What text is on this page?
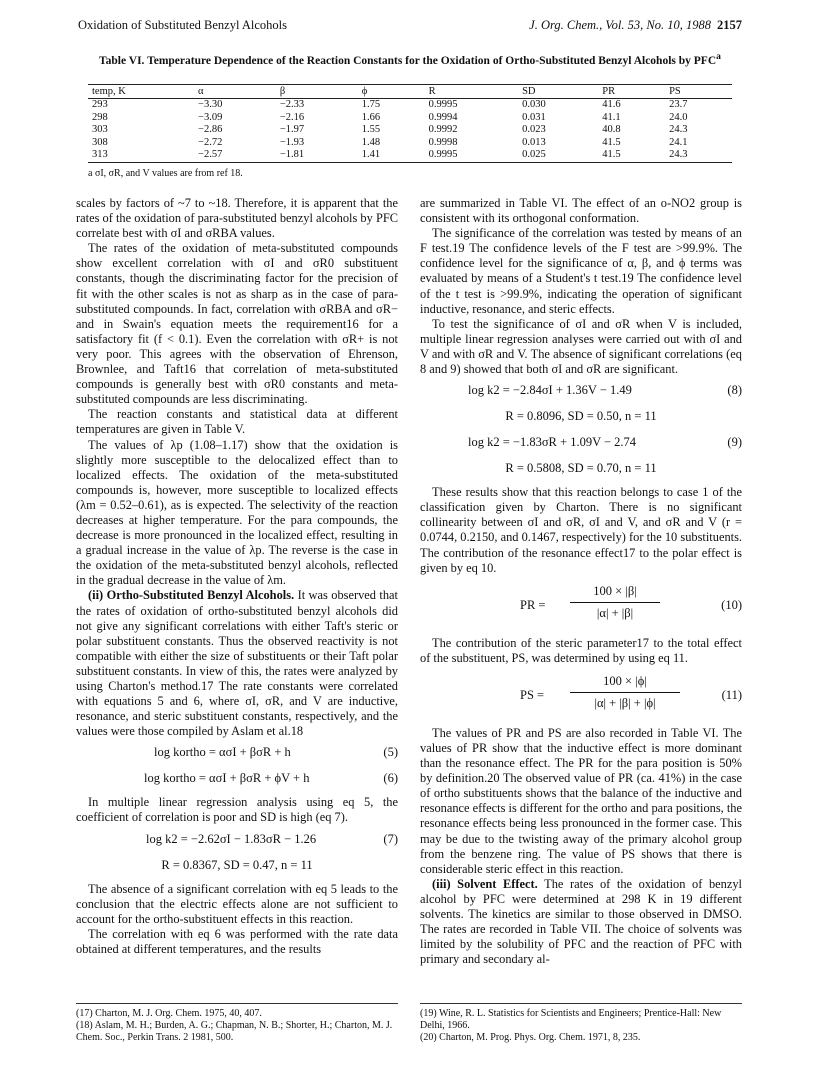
Oxidation of Substituted Benzyl Alcohols	J. Org. Chem., Vol. 53, No. 10, 1988 2157
Table VI. Temperature Dependence of the Reaction Constants for the Oxidation of Ortho-Substituted Benzyl Alcohols by PFC$^a$
temp, K	α	β	ϕ	R	SD	PR	PS
293	−3.30	−2.33	1.75	0.9995	0.030	41.6	23.7
298	−3.09	−2.16	1.66	0.9994	0.031	41.1	24.0
303	−2.86	−1.97	1.55	0.9992	0.023	40.8	24.3
308	−2.72	−1.93	1.48	0.9998	0.013	41.5	24.1
313	−2.57	−1.81	1.41	0.9995	0.025	41.5	24.3
a σI, σR, and V values are from ref 18.

scales by factors of ~7 to ~18. Therefore, it is apparent that the rates of the oxidation of para-substituted benzyl alcohols by PFC correlate best with σI and σRBA values.

The rates of the oxidation of meta-substituted compounds show excellent correlation with σI and σR0 substituent constants, though the discriminating factor for the precision of fit with the other scales is not as sharp as in the case of para-substituted compounds. In fact, correlation with σRBA and σR− and in Swain's equation meets the requirement16 for a satisfactory fit (f < 0.1). Even the correlation with σR+ is not very poor. This agrees with the observation of Ehrenson, Brownlee, and Taft16 that correlation of meta-substituted compounds is generally best with σR0 constants and meta-substituted compounds are less discriminating.

The reaction constants and statistical data at different temperatures are given in Table V.

The values of λp (1.08–1.17) show that the oxidation is slightly more susceptible to the delocalized effect than to localized effects. The oxidation of the meta-substituted compounds is, however, more susceptible to localized effects (λm = 0.52–0.61), as is expected. The selectivity of the reaction decreases at higher temperature. For the para compounds, the decrease is more pronounced in the localized effect, resulting in a gradual increase in the value of λp. The reverse is the case in the oxidation of the meta-substituted benzyl alcohols, reflected in the gradual decrease in the value of λm.

(ii) Ortho-Substituted Benzyl Alcohols. It was observed that the rates of oxidation of ortho-substituted benzyl alcohols did not give any significant correlations with either Taft's steric or polar substituent constants. Thus the observed reactivity is not compatible with either the size of substituents or their Taft polar substituent constants. In view of this, the rates were analyzed by using Charton's method.17 The rate constants were correlated with equations 5 and 6, where σI, σR, and V are inductive, resonance, and steric substituent constants, respectively, and the values were those compiled by Aslam et al.18

log kortho = ασI + βσR + h	(5)
log kortho = ασI + βσR + ϕV + h	(6)

In multiple linear regression analysis using eq 5, the coefficient of correlation is poor and SD is high (eq 7).

log k2 = −2.62σI − 1.83σR − 1.26	(7)
R = 0.8367, SD = 0.47, n = 11

The absence of a significant correlation with eq 5 leads to the conclusion that the electric effects alone are not sufficient to account for the ortho-substituent effects in this reaction.

The correlation with eq 6 was performed with the rate data obtained at different temperatures, and the results

are summarized in Table VI. The effect of an o-NO2 group is consistent with its orthogonal conformation.

The significance of the correlation was tested by means of an F test.19 The confidence levels of the F test are >99.9%. The confidence level for the significance of α, β, and ϕ terms was evaluated by means of a Student's t test.19 The confidence level of the t test is >99.9%, indicating the operation of significant inductive, resonance, and steric effects.

To test the significance of σI and σR when V is included, multiple linear regression analyses were carried out with σI and V and with σR and V. The absence of significant correlations (eq 8 and 9) showed that both σI and σR are significant.

log k2 = −2.84σI + 1.36V − 1.49	(8)
R = 0.8096, SD = 0.50, n = 11
log k2 = −1.83σR + 1.09V − 2.74	(9)
R = 0.5808, SD = 0.70, n = 11

These results show that this reaction belongs to case 1 of the classification given by Charton. There is no significant collinearity between σI and σR, σI and V, and σR and V (r = 0.0744, 0.2150, and 0.1467, respectively) for the 10 substituents. The contribution of the resonance effect17 to the polar effect is given by eq 10.

PR =
100 × |β|
|α| + |β|
(10)

The contribution of the steric parameter17 to the total effect of the substituent, PS, was determined by using eq 11.

PS =
100 × |ϕ|
|α| + |β| + |ϕ|
(11)

The values of PR and PS are also recorded in Table VI. The values of PR show that the inductive effect is more dominant than the resonance effect. The PR for the para position is 50% by definition.20 The observed value of PR (ca. 41%) in the case of ortho substituents shows that the balance of the inductive and resonance effects is different for the ortho and para positions, the resonance effects being less pronounced in the former case. This may be due to the twisting away of the primary alcohol group from the benzene ring. The value of PS shows that there is considerable steric effect in this reaction.

(iii) Solvent Effect. The rates of the oxidation of benzyl alcohol by PFC were determined at 298 K in 19 different solvents. The kinetics are similar to those observed in DMSO. The rates are recorded in Table VII. The choice of solvents was limited by the solubility of PFC and the reaction of PFC with primary and secondary al-

(17) Charton, M. J. Org. Chem. 1975, 40, 407.
(18) Aslam, M. H.; Burden, A. G.; Chapman, N. B.; Shorter, H.; Charton, M. J. Chem. Soc., Perkin Trans. 2 1981, 500.
(19) Wine, R. L. Statistics for Scientists and Engineers; Prentice-Hall: New Delhi, 1966.
(20) Charton, M. Prog. Phys. Org. Chem. 1971, 8, 235.
